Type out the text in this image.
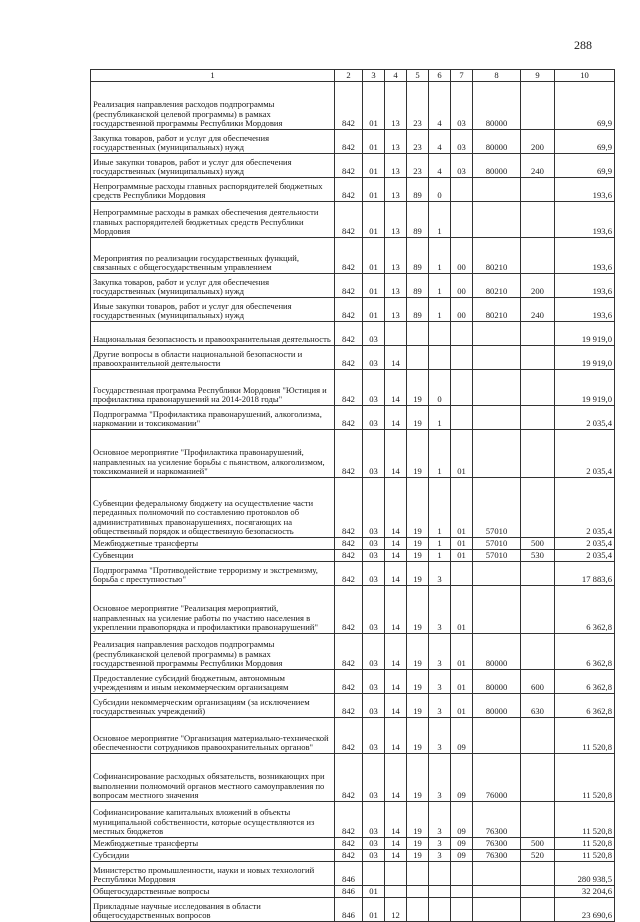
288
1	2	3	4	5	6	7	8	9	10
Реализация направления расходов подпрограммы (республиканской целевой программы) в рамках государственной программы Республики Мордовия	842	01	13	23	4	03	80000		69,9
Закупка товаров, работ и услуг для обеспечения государственных (муниципальных) нужд	842	01	13	23	4	03	80000	200	69,9
Иные закупки товаров, работ и услуг для обеспечения государственных (муниципальных) нужд	842	01	13	23	4	03	80000	240	69,9
Непрограммные расходы главных распорядителей бюджетных средств Республики Мордовия	842	01	13	89	0				193,6
Непрограммные расходы в рамках обеспечения деятельности главных распорядителей бюджетных средств Республики Мордовия	842	01	13	89	1				193,6
Мероприятия по реализации государственных функций, связанных с общегосударственным управлением	842	01	13	89	1	00	80210		193,6
Закупка товаров, работ и услуг для обеспечения государственных (муниципальных) нужд	842	01	13	89	1	00	80210	200	193,6
Иные закупки товаров, работ и услуг для обеспечения государственных (муниципальных) нужд	842	01	13	89	1	00	80210	240	193,6
Национальная безопасность и правоохранительная деятельность	842	03							19 919,0
Другие вопросы в области национальной безопасности и правоохранительной деятельности	842	03	14						19 919,0
Государственная программа Республики Мордовия "Юстиция и профилактика правонарушений на 2014-2018 годы"	842	03	14	19	0				19 919,0
Подпрограмма "Профилактика правонарушений, алкоголизма, наркомании и токсикомании"	842	03	14	19	1				2 035,4
Основное мероприятие "Профилактика правонарушений, направленных на усиление борьбы с пьянством, алкоголизмом, токсикоманией и наркоманией"	842	03	14	19	1	01			2 035,4
Субвенции федеральному бюджету на осуществление части переданных полномочий по составлению протоколов об административных правонарушениях, посягающих на общественный порядок и общественную безопасность	842	03	14	19	1	01	57010		2 035,4
Межбюджетные трансферты	842	03	14	19	1	01	57010	500	2 035,4
Субвенции	842	03	14	19	1	01	57010	530	2 035,4
Подпрограмма "Противодействие терроризму и экстремизму, борьба с преступностью"	842	03	14	19	3				17 883,6
Основное мероприятие "Реализация мероприятий, направленных на усиление работы по участию населения в укреплении правопорядка и профилактики правонарушений"	842	03	14	19	3	01			6 362,8
Реализация направления расходов подпрограммы (республиканской целевой программы) в рамках государственной программы Республики Мордовия	842	03	14	19	3	01	80000		6 362,8
Предоставление субсидий бюджетным, автономным учреждениям и иным некоммерческим организациям	842	03	14	19	3	01	80000	600	6 362,8
Субсидии некоммерческим организациям (за исключением государственных учреждений)	842	03	14	19	3	01	80000	630	6 362,8
Основное мероприятие "Организация материально-технической обеспеченности сотрудников правоохранительных органов"	842	03	14	19	3	09			11 520,8
Софинансирование расходных обязательств, возникающих при выполнении полномочий органов местного самоуправления по вопросам местного значения	842	03	14	19	3	09	76000		11 520,8
Софинансирование капитальных вложений в объекты муниципальной собственности, которые осуществляются из местных бюджетов	842	03	14	19	3	09	76300		11 520,8
Межбюджетные трансферты	842	03	14	19	3	09	76300	500	11 520,8
Субсидии	842	03	14	19	3	09	76300	520	11 520,8
Министерство промышленности, науки и новых технологий Республики Мордовия	846								280 938,5
Общегосударственные вопросы	846	01							32 204,6
Прикладные научные исследования в области общегосударственных вопросов	846	01	12						23 690,6
